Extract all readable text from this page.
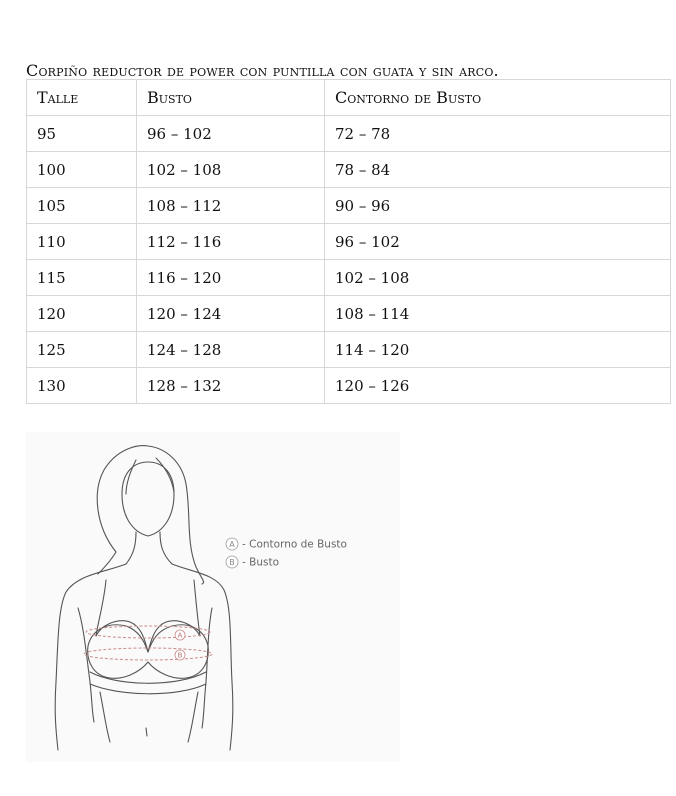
Corpiño reductor de power con puntilla con guata y sin arco.
Talle	Busto	Contorno de Busto
95	96 – 102	72 – 78
100	102 – 108	78 – 84
105	108 – 112	90 – 96
110	112 – 116	96 – 102
115	116 – 120	102 – 108
120	120 – 124	108 – 114
125	124 – 128	114 – 120
130	128 – 132	120 – 126
A
B
A - Contorno de Busto
B - Busto
